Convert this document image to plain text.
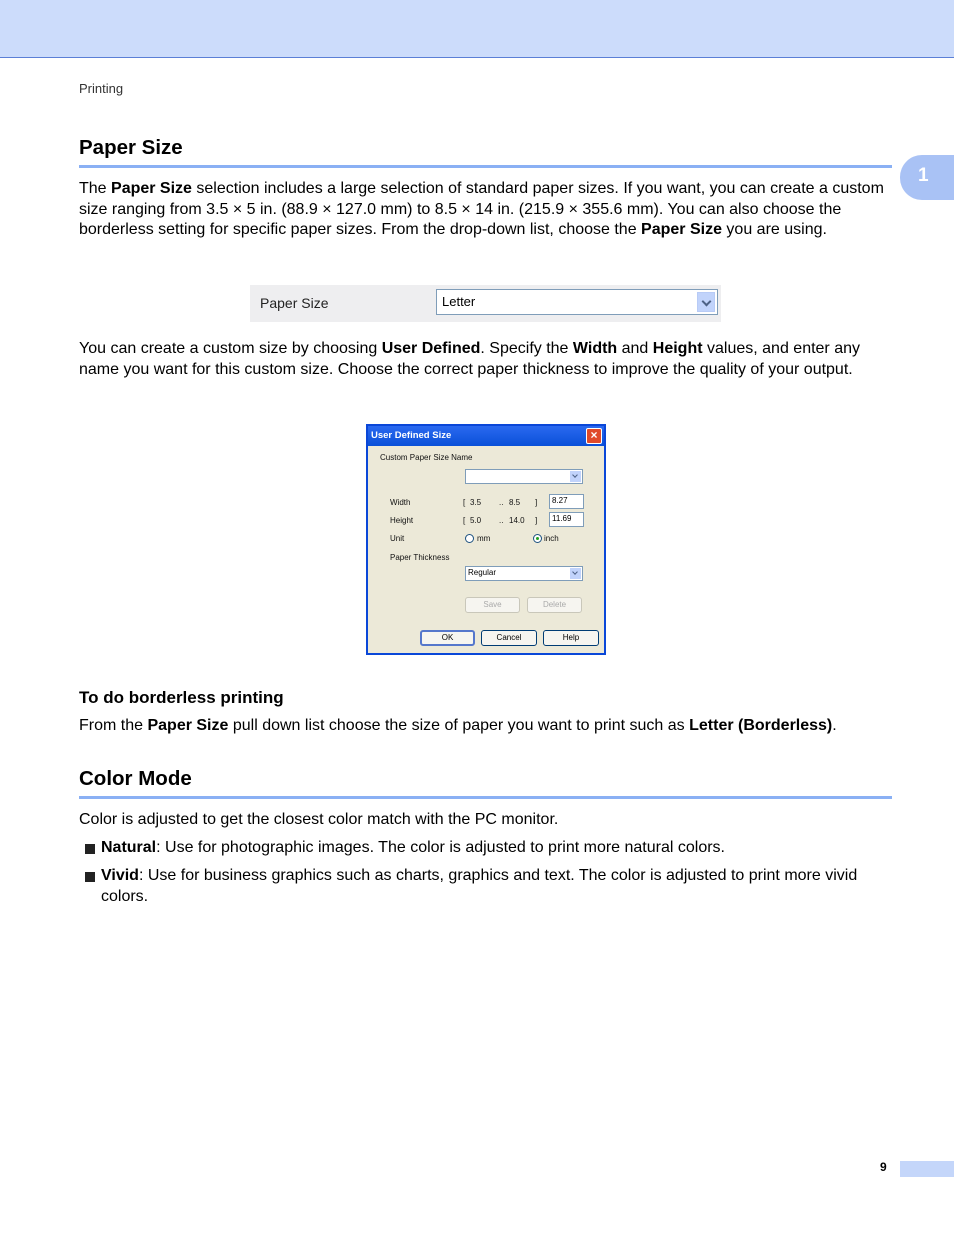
Printing
1
Paper Size
The Paper Size selection includes a large selection of standard paper sizes. If you want, you can create a custom size ranging from 3.5 × 5 in. (88.9 × 127.0 mm) to 8.5 × 14 in. (215.9 × 355.6 mm). You can also choose the borderless setting for specific paper sizes. From the drop-down list, choose the Paper Size you are using.
Paper Size	Letter
You can create a custom size by choosing User Defined. Specify the Width and Height values, and enter any name you want for this custom size. Choose the correct paper thickness to improve the quality of your output.
User Defined Size	×
Custom Paper Size Name
Width	[ 3.5 .. 8.5 ] 8.27
Height	[ 5.0 .. 14.0 ] 11.69
Unit	mm	inch
Paper Thickness
Regular
Save	Delete
OK	Cancel	Help
To do borderless printing
From the Paper Size pull down list choose the size of paper you want to print such as Letter (Borderless).
Color Mode
Color is adjusted to get the closest color match with the PC monitor.
Natural: Use for photographic images. The color is adjusted to print more natural colors.
Vivid: Use for business graphics such as charts, graphics and text. The color is adjusted to print more vivid colors.
9
